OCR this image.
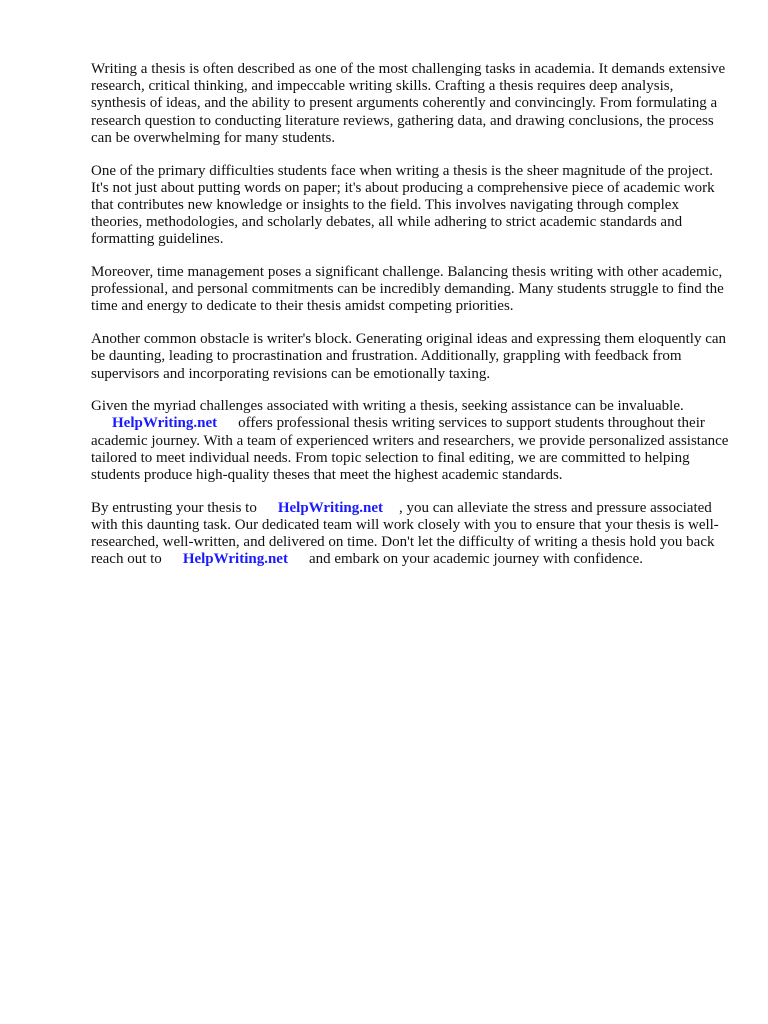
Writing a thesis is often described as one of the most challenging tasks in academia. It demands extensive research, critical thinking, and impeccable writing skills. Crafting a thesis requires deep analysis, synthesis of ideas, and the ability to present arguments coherently and convincingly. From formulating a research question to conducting literature reviews, gathering data, and drawing conclusions, the process can be overwhelming for many students.

One of the primary difficulties students face when writing a thesis is the sheer magnitude of the project. It's not just about putting words on paper; it's about producing a comprehensive piece of academic work that contributes new knowledge or insights to the field. This involves navigating through complex theories, methodologies, and scholarly debates, all while adhering to strict academic standards and formatting guidelines.

Moreover, time management poses a significant challenge. Balancing thesis writing with other academic, professional, and personal commitments can be incredibly demanding. Many students struggle to find the time and energy to dedicate to their thesis amidst competing priorities.

Another common obstacle is writer's block. Generating original ideas and expressing them eloquently can be daunting, leading to procrastination and frustration. Additionally, grappling with feedback from supervisors and incorporating revisions can be emotionally taxing.

Given the myriad challenges associated with writing a thesis, seeking assistance can be invaluable. HelpWriting.net offers professional thesis writing services to support students throughout their academic journey. With a team of experienced writers and researchers, we provide personalized assistance tailored to meet individual needs. From topic selection to final editing, we are committed to helping students produce high-quality theses that meet the highest academic standards.

By entrusting your thesis to HelpWriting.net , you can alleviate the stress and pressure associated with this daunting task. Our dedicated team will work closely with you to ensure that your thesis is well-researched, well-written, and delivered on time. Don't let the difficulty of writing a thesis hold you back reach out to HelpWriting.net and embark on your academic journey with confidence.
